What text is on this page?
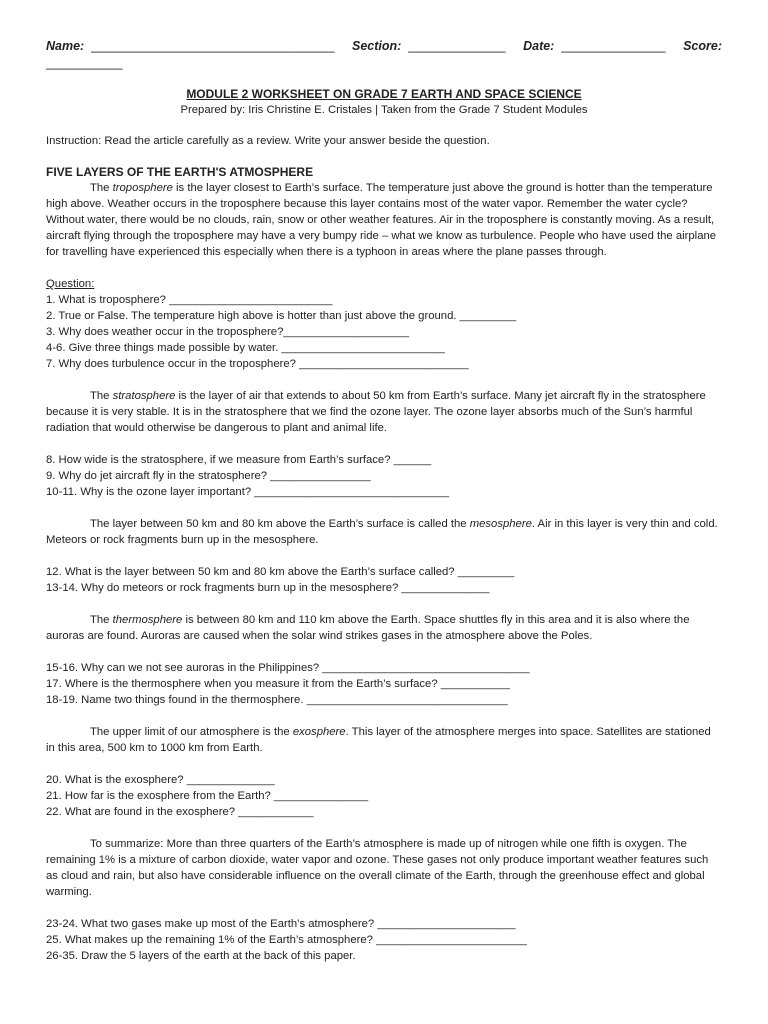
Name: ___________________________________ Section: ______________ Date: _______________ Score:
___________
MODULE 2 WORKSHEET ON GRADE 7 EARTH AND SPACE SCIENCE
Prepared by: Iris Christine E. Cristales | Taken from the Grade 7 Student Modules

Instruction: Read the article carefully as a review. Write your answer beside the question.

FIVE LAYERS OF THE EARTH'S ATMOSPHERE

The troposphere is the layer closest to Earth’s surface. The temperature just above the ground is hotter than the temperature high above. Weather occurs in the troposphere because this layer contains most of the water vapor. Remember the water cycle? Without water, there would be no clouds, rain, snow or other weather features. Air in the troposphere is constantly moving. As a result, aircraft flying through the troposphere may have a very bumpy ride – what we know as turbulence. People who have used the airplane for travelling have experienced this especially when there is a typhoon in areas where the plane passes through.

Question:

1. What is troposphere? __________________________

2. True or False. The temperature high above is hotter than just above the ground. _________

3. Why does weather occur in the troposphere?____________________

4-6. Give three things made possible by water. __________________________

7. Why does turbulence occur in the troposphere? ___________________________

The stratosphere is the layer of air that extends to about 50 km from Earth’s surface. Many jet aircraft fly in the stratosphere because it is very stable. It is in the stratosphere that we find the ozone layer. The ozone layer absorbs much of the Sun’s harmful radiation that would otherwise be dangerous to plant and animal life.

8. How wide is the stratosphere, if we measure from Earth’s surface? ______

9. Why do jet aircraft fly in the stratosphere? ________________

10-11. Why is the ozone layer important? _______________________________

The layer between 50 km and 80 km above the Earth’s surface is called the mesosphere. Air in this layer is very thin and cold. Meteors or rock fragments burn up in the mesosphere.

12. What is the layer between 50 km and 80 km above the Earth’s surface called? _________

13-14. Why do meteors or rock fragments burn up in the mesosphere? ______________

The thermosphere is between 80 km and 110 km above the Earth. Space shuttles fly in this area and it is also where the auroras are found. Auroras are caused when the solar wind strikes gases in the atmosphere above the Poles.

15-16. Why can we not see auroras in the Philippines? _________________________________

17. Where is the thermosphere when you measure it from the Earth’s surface? ___________

18-19. Name two things found in the thermosphere. ________________________________

The upper limit of our atmosphere is the exosphere. This layer of the atmosphere merges into space. Satellites are stationed in this area, 500 km to 1000 km from Earth.

20. What is the exosphere? ______________

21. How far is the exosphere from the Earth? _______________

22. What are found in the exosphere? ____________

To summarize: More than three quarters of the Earth’s atmosphere is made up of nitrogen while one fifth is oxygen. The remaining 1% is a mixture of carbon dioxide, water vapor and ozone. These gases not only produce important weather features such as cloud and rain, but also have considerable influence on the overall climate of the Earth, through the greenhouse effect and global warming.

23-24. What two gases make up most of the Earth’s atmosphere? ______________________

25. What makes up the remaining 1% of the Earth’s atmosphere? ________________________

26-35. Draw the 5 layers of the earth at the back of this paper.
